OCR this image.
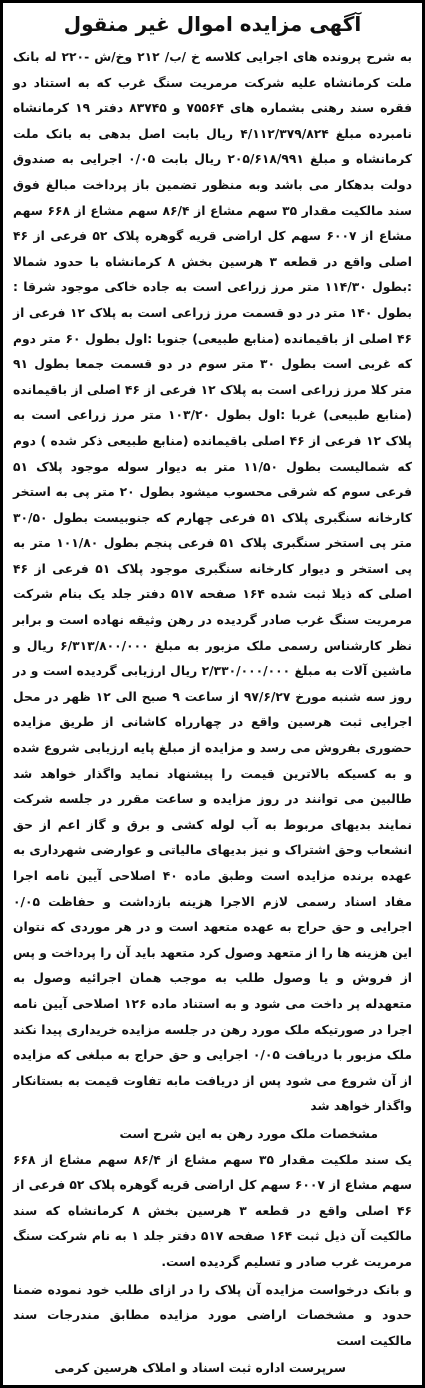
آگهی مزایده اموال غیر منقول

به شرح پرونده های اجرایی کلاسه خ /ب/ ۲۱۲ وخ/ش -۲۲۰ له بانک ملت کرمانشاه علیه شرکت مرمریت سنگ غرب که به استناد دو فقره سند رهنی بشماره های ۷۵۵۶۴ و ۸۳۷۴۵ دفتر ۱۹ کرمانشاه نامبرده مبلغ ۴/۱۱۲/۳۷۹/۸۲۴ ریال بابت اصل بدهی به بانک ملت کرمانشاه و مبلغ ۲۰۵/۶۱۸/۹۹۱ ریال بابت ۰/۰۵ اجرایی به صندوق دولت بدهکار می باشد وبه منظور تضمین باز پرداخت مبالغ فوق سند مالکیت مقدار ۳۵ سهم مشاع از ۸۶/۴ سهم مشاع از ۶۶۸ سهم مشاع از ۶۰۰۷ سهم کل اراضی قریه گوهره پلاک ۵۲ فرعی از ۴۶ اصلی واقع در قطعه ۳ هرسین بخش ۸ کرمانشاه با حدود شمالا :بطول ۱۱۴/۳۰ متر مرز زراعی است به جاده خاکی موجود شرقا : بطول ۱۴۰ متر در دو قسمت مرز زراعی است به پلاک ۱۲ فرعی از ۴۶ اصلی از باقیمانده (منابع طبیعی) جنوبا :اول بطول ۶۰ متر دوم که غربی است بطول ۳۰ متر سوم در دو قسمت جمعا بطول ۹۱ متر کلا مرز زراعی است به پلاک ۱۲ فرعی از ۴۶ اصلی از باقیمانده (منابع طبیعی) غربا :اول بطول ۱۰۳/۲۰ متر مرز زراعی است به پلاک ۱۲ فرعی از ۴۶ اصلی باقیمانده (منابع طبیعی ذکر شده ) دوم که شمالیست بطول ۱۱/۵۰ متر به دیوار سوله موجود پلاک ۵۱ فرعی سوم که شرقی محسوب میشود بطول ۲۰ متر پی به استخر کارخانه سنگبری پلاک ۵۱ فرعی چهارم که جنوبیست بطول ۳۰/۵۰ متر پی استخر سنگبری پلاک ۵۱ فرعی پنجم بطول ۱۰۱/۸۰ متر به پی استخر و دیوار کارخانه سنگبری موجود پلاک ۵۱ فرعی از ۴۶ اصلی که ذیلا ثبت شده ۱۶۴ صفحه ۵۱۷ دفتر جلد یک بنام شرکت مرمریت سنگ غرب صادر گردیده در رهن وثیقه نهاده است و برابر نظر کارشناس رسمی ملک مزبور به مبلغ ۶/۳۱۳/۸۰۰/۰۰۰ ریال و ماشین آلات به مبلغ ۲/۳۳۰/۰۰۰/۰۰۰ ریال ارزیابی گردیده است و در روز سه شنبه مورخ ۹۷/۶/۲۷ از ساعت ۹ صبح الی ۱۲ ظهر در محل اجرایی ثبت هرسین واقع در چهارراه کاشانی از طریق مزایده حضوری بفروش می رسد و مزایده از مبلغ پایه ارزیابی شروع شده و به کسیکه بالاترین قیمت را پیشنهاد نماید واگذار خواهد شد طالبین می توانند در روز مزایده و ساعت مقرر در جلسه شرکت نمایند بدیهای مربوط به آب لوله کشی و برق و گاز اعم از حق انشعاب وحق اشتراک و نیز بدیهای مالیاتی و عوارضی شهرداری به عهده برنده مزایده است وطبق ماده ۴۰ اصلاحی آیین نامه اجرا مفاد اسناد رسمی لازم الاجرا هزینه بازداشت و حفاظت ۰/۰۵ اجرایی و حق حراج به عهده متعهد است و در هر موردی که نتوان این هزینه ها را از متعهد وصول کرد متعهد باید آن را پرداخت و پس از فروش و یا وصول طلب به موجب همان اجرائیه وصول به متعهدله پر داخت می شود و به استناد ماده ۱۲۶ اصلاحی آیین نامه اجرا در صورتیکه ملک مورد رهن در جلسه مزایده خریداری پیدا نکند ملک مزبور با دریافت ۰/۰۵ اجرایی و حق حراج به مبلغی که مزایده از آن شروع می شود پس از دریافت مابه تفاوت قیمت به بستانکار واگذار خواهد شد

مشخصات ملک مورد رهن به این شرح است

یک سند ملکیت مقدار ۳۵ سهم مشاع از ۸۶/۴ سهم مشاع از ۶۶۸ سهم مشاع از ۶۰۰۷ سهم کل اراضی قریه گوهره پلاک ۵۲ فرعی از ۴۶ اصلی واقع در قطعه ۳ هرسین بخش ۸ کرمانشاه که سند مالکیت آن ذیل ثبت ۱۶۴ صفحه ۵۱۷ دفتر جلد ۱ به نام شرکت سنگ مرمریت غرب صادر و تسلیم گردیده است.

و بانک درخواست مزایده آن پلاک را در ازای طلب خود نموده ضمنا حدود و مشخصات اراضی مورد مزایده مطابق مندرجات سند مالکیت است

سرپرست اداره ثبت اسناد و املاک هرسین کرمی
